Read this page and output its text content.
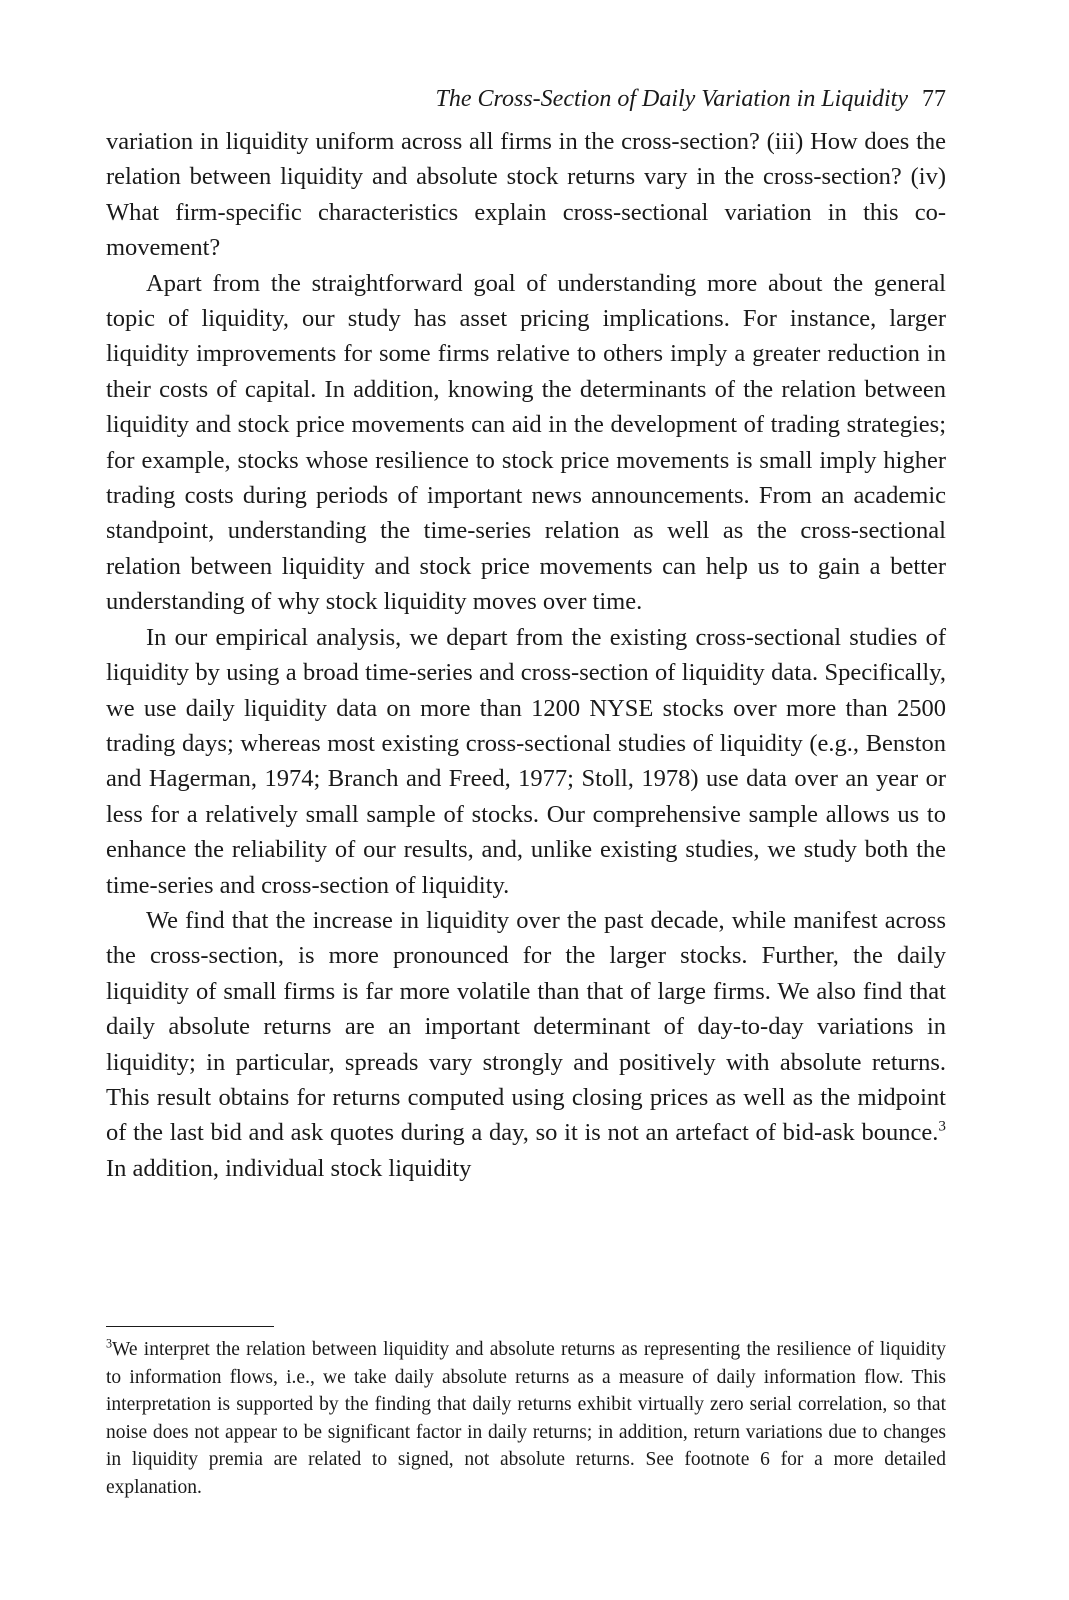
The Cross-Section of Daily Variation in Liquidity 77

variation in liquidity uniform across all firms in the cross-section? (iii) How does the relation between liquidity and absolute stock returns vary in the cross-section? (iv) What firm-specific characteristics explain cross-sectional variation in this co-movement?

Apart from the straightforward goal of understanding more about the general topic of liquidity, our study has asset pricing implications. For instance, larger liquidity improvements for some firms relative to others imply a greater reduction in their costs of capital. In addition, knowing the determinants of the relation between liquidity and stock price movements can aid in the development of trading strategies; for example, stocks whose resilience to stock price movements is small imply higher trading costs during periods of important news announcements. From an academic standpoint, understanding the time-series relation as well as the cross-sectional relation between liquidity and stock price movements can help us to gain a better understanding of why stock liquidity moves over time.

In our empirical analysis, we depart from the existing cross-sectional studies of liquidity by using a broad time-series and cross-section of liquidity data. Specifically, we use daily liquidity data on more than 1200 NYSE stocks over more than 2500 trading days; whereas most existing cross-sectional studies of liquidity (e.g., Benston and Hagerman, 1974; Branch and Freed, 1977; Stoll, 1978) use data over an year or less for a relatively small sample of stocks. Our comprehensive sample allows us to enhance the reliability of our results, and, unlike existing studies, we study both the time-series and cross-section of liquidity.

We find that the increase in liquidity over the past decade, while manifest across the cross-section, is more pronounced for the larger stocks. Further, the daily liquidity of small firms is far more volatile than that of large firms. We also find that daily absolute returns are an important determinant of day-to-day variations in liquidity; in particular, spreads vary strongly and positively with absolute returns. This result obtains for returns computed using closing prices as well as the midpoint of the last bid and ask quotes during a day, so it is not an artefact of bid-ask bounce.$^3$ In addition, individual stock liquidity

$^3$We interpret the relation between liquidity and absolute returns as representing the resilience of liquidity to information flows, i.e., we take daily absolute returns as a measure of daily information flow. This interpretation is supported by the finding that daily returns exhibit virtually zero serial correlation, so that noise does not appear to be significant factor in daily returns; in addition, return variations due to changes in liquidity premia are related to signed, not absolute returns. See footnote 6 for a more detailed explanation.
